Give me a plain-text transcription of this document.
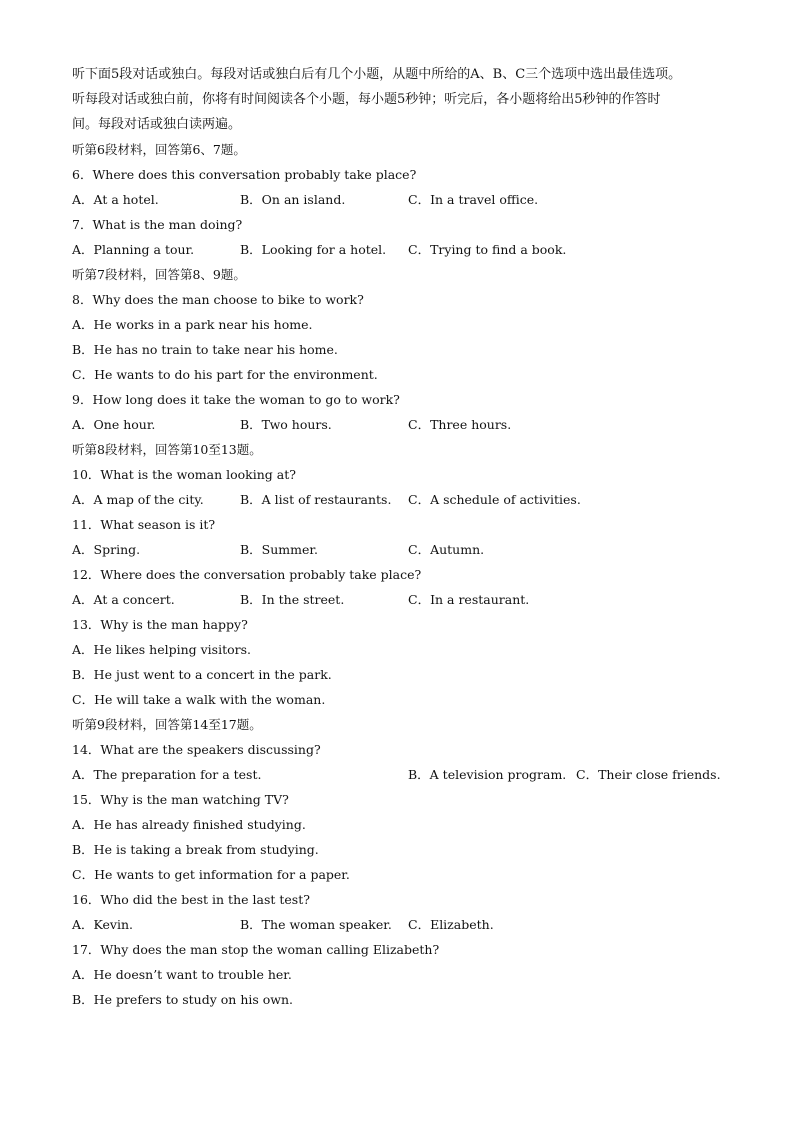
听下面5段对话或独白。每段对话或独白后有几个小题，从题中所给的A、B、C三个选项中选出最佳选项。
听每段对话或独白前，你将有时间阅读各个小题，每小题5秒钟；听完后，各小题将给出5秒钟的作答时
间。每段对话或独白读两遍。
听第6段材料，回答第6、7题。
6．Where does this conversation probably take place?
A．At a hotel.	B．On an island.	C．In a travel office.
7．What is the man doing?
A．Planning a tour.	B．Looking for a hotel. C．Trying to find a book.
听第7段材料，回答第8、9题。
8．Why does the man choose to bike to work?
A．He works in a park near his home.
B．He has no train to take near his home.
C．He wants to do his part for the environment.
9．How long does it take the woman to go to work?
A．One hour.	B．Two hours.	C．Three hours.
听第8段材料，回答第10至13题。
10．What is the woman looking at?
A．A map of the city.	B．A list of restaurants. C．A schedule of activities.
11．What season is it?
A．Spring.	B．Summer.	C．Autumn.
12．Where does the conversation probably take place?
A．At a concert.	B．In the street.	C．In a restaurant.
13．Why is the man happy?
A．He likes helping visitors.
B．He just went to a concert in the park.
C．He will take a walk with the woman.
听第9段材料，回答第14至17题。
14．What are the speakers discussing?
A．The preparation for a test.	B．A television program. C．Their close friends.
15．Why is the man watching TV?
A．He has already finished studying.
B．He is taking a break from studying.
C．He wants to get information for a paper.
16．Who did the best in the last test?
A．Kevin.	B．The woman speaker. C．Elizabeth.
17．Why does the man stop the woman calling Elizabeth?
A．He doesn’t want to trouble her.
B．He prefers to study on his own.
